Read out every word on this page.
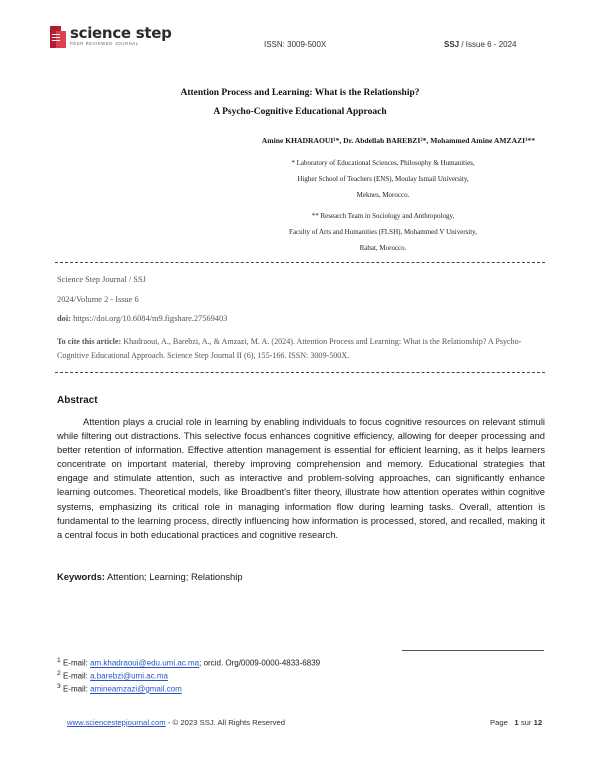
science step
PEER REVIEWED JOURNAL	ISSN: 3009-500X	SSJ / Issue 6 - 2024
Attention Process and Learning: What is the Relationship?
A Psycho-Cognitive Educational Approach
Amine KHADRAOUI¹*, Dr. Abdellah BAREBZI²*, Mohammed Amine AMZAZI³**
* Laboratory of Educational Sciences, Philosophy & Humanities,
Higher School of Teachers (ENS), Moulay Ismail University,
Meknes, Morocco.
** Research Team in Sociology and Anthropology,
Faculty of Arts and Humanities (FLSH), Mohammed V University,
Rabat, Morocco.
Science Step Journal / SSJ
2024/Volume 2 - Issue 6
doi: https://doi.org/10.6084/m9.figshare.27569403
To cite this article: Khadraoui, A., Barebzi, A., & Amzazi, M. A. (2024). Attention Process and Learning: What is the Relationship? A Psycho-Cognitive Educational Approach. Science Step Journal II (6), 155-166. ISSN: 3009-500X.
Abstract
Attention plays a crucial role in learning by enabling individuals to focus cognitive resources on relevant stimuli while filtering out distractions. This selective focus enhances cognitive efficiency, allowing for deeper processing and better retention of information. Effective attention management is essential for efficient learning, as it helps learners concentrate on important material, thereby improving comprehension and memory. Educational strategies that engage and stimulate attention, such as interactive and problem-solving approaches, can significantly enhance learning outcomes. Theoretical models, like Broadbent's filter theory, illustrate how attention operates within cognitive systems, emphasizing its critical role in managing information flow during learning tasks. Overall, attention is fundamental to the learning process, directly influencing how information is processed, stored, and recalled, making it a central focus in both educational practices and cognitive research.
Keywords: Attention; Learning; Relationship
$^1$ E-mail: am.khadraoui@edu.umi.ac.ma; orcid. Org/0009-0000-4833-6839
$^2$ E-mail: a.barebzi@umi.ac.ma
$^3$ E-mail: amineamzazi@gmail.com
www.sciencestepjournal.com - © 2023 SSJ. All Rights Reserved	Page 1 sur 12
